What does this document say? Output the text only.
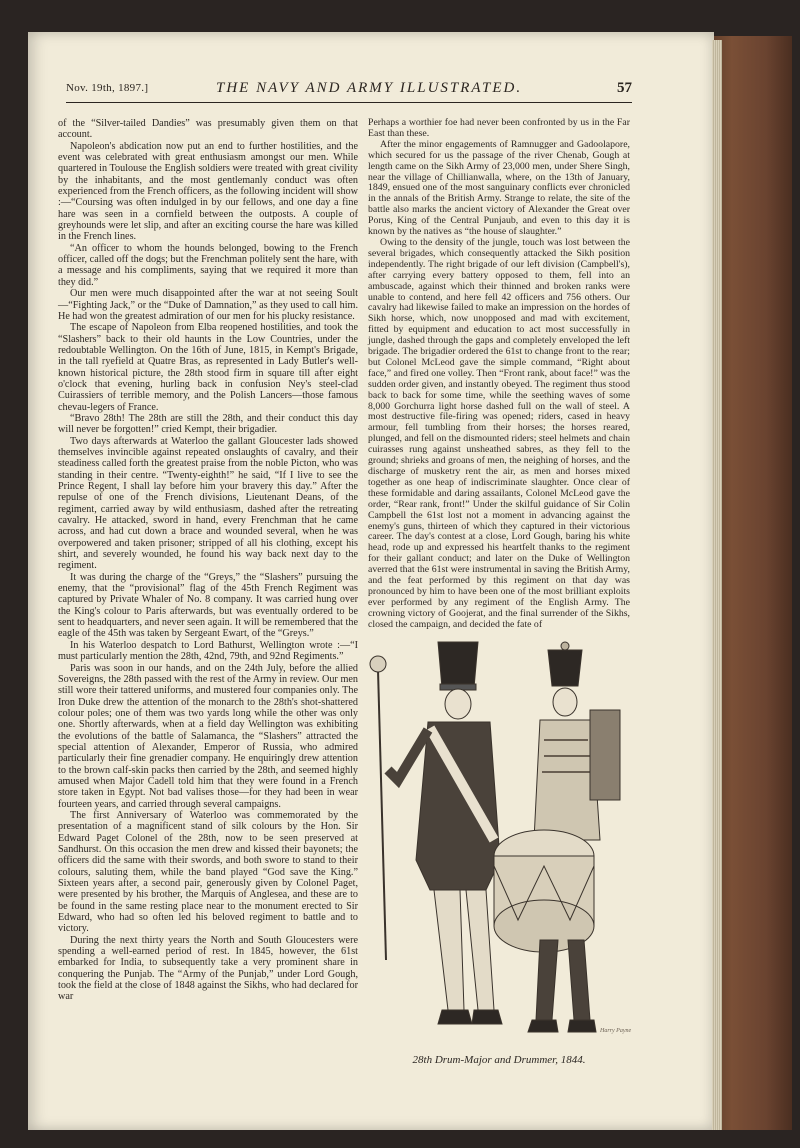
Nov. 19th, 1897.]	THE NAVY AND ARMY ILLUSTRATED.	57

of the “Silver-tailed Dandies” was presumably given them on that account.

Napoleon's abdication now put an end to further hostilities, and the event was celebrated with great enthusiasm amongst our men. While quartered in Toulouse the English soldiers were treated with great civility by the inhabitants, and the most gentlemanly conduct was often experienced from the French officers, as the following incident will show :—“Coursing was often indulged in by our fellows, and one day a fine hare was seen in a cornfield between the outposts. A couple of greyhounds were let slip, and after an exciting course the hare was killed in the French lines.

“An officer to whom the hounds belonged, bowing to the French officer, called off the dogs; but the Frenchman politely sent the hare, with a message and his compliments, saying that we required it more than they did.”

Our men were much disappointed after the war at not seeing Soult—“Fighting Jack,” or the “Duke of Damnation,” as they used to call him. He had won the greatest admiration of our men for his plucky resistance.

The escape of Napoleon from Elba reopened hostilities, and took the “Slashers” back to their old haunts in the Low Countries, under the redoubtable Wellington. On the 16th of June, 1815, in Kempt's Brigade, in the tall ryefield at Quatre Bras, as represented in Lady Butler's well-known historical picture, the 28th stood firm in square till after eight o'clock that evening, hurling back in confusion Ney's steel-clad Cuirassiers of terrible memory, and the Polish Lancers—those famous chevau-legers of France.

“Bravo 28th! The 28th are still the 28th, and their conduct this day will never be forgotten!” cried Kempt, their brigadier.

Two days afterwards at Waterloo the gallant Gloucester lads showed themselves invincible against repeated onslaughts of cavalry, and their steadiness called forth the greatest praise from the noble Picton, who was standing in their centre. “Twenty-eighth!” he said, “If I live to see the Prince Regent, I shall lay before him your bravery this day.” After the repulse of one of the French divisions, Lieutenant Deans, of the regiment, carried away by wild enthusiasm, dashed after the retreating cavalry. He attacked, sword in hand, every Frenchman that he came across, and had cut down a brace and wounded several, when he was overpowered and taken prisoner; stripped of all his clothing, except his shirt, and severely wounded, he found his way back next day to the regiment.

It was during the charge of the “Greys,” the “Slashers” pursuing the enemy, that the “provisional” flag of the 45th French Regiment was captured by Private Whaler of No. 8 company. It was carried hung over the King's colour to Paris afterwards, but was eventually ordered to be sent to headquarters, and never seen again. It will be remembered that the eagle of the 45th was taken by Sergeant Ewart, of the “Greys.”

In his Waterloo despatch to Lord Bathurst, Wellington wrote :—“I must particularly mention the 28th, 42nd, 79th, and 92nd Regiments.”

Paris was soon in our hands, and on the 24th July, before the allied Sovereigns, the 28th passed with the rest of the Army in review. Our men still wore their tattered uniforms, and mustered four companies only. The Iron Duke drew the attention of the monarch to the 28th's shot-shattered colour poles; one of them was two yards long while the other was only one. Shortly afterwards, when at a field day Wellington was exhibiting the evolutions of the battle of Salamanca, the “Slashers” attracted the special attention of Alexander, Emperor of Russia, who admired particularly their fine grenadier company. He enquiringly drew attention to the brown calf-skin packs then carried by the 28th, and seemed highly amused when Major Cadell told him that they were found in a French store taken in Egypt. Not bad valises those—for they had been in wear fourteen years, and carried through several campaigns.

The first Anniversary of Waterloo was commemorated by the presentation of a magnificent stand of silk colours by the Hon. Sir Edward Paget Colonel of the 28th, now to be seen preserved at Sandhurst. On this occasion the men drew and kissed their bayonets; the officers did the same with their swords, and both swore to stand to their colours, saluting them, while the band played “God save the King.” Sixteen years after, a second pair, generously given by Colonel Paget, were presented by his brother, the Marquis of Anglesea, and these are to be found in the same resting place near to the monument erected to Sir Edward, who had so often led his beloved regiment to battle and to victory.

During the next thirty years the North and South Gloucesters were spending a well-earned period of rest. In 1845, however, the 61st embarked for India, to subsequently take a very prominent share in conquering the Punjab. The “Army of the Punjab,” under Lord Gough, took the field at the close of 1848 against the Sikhs, who had declared for war

Perhaps a worthier foe had never been confronted by us in the Far East than these.

After the minor engagements of Ramnugger and Gadoolapore, which secured for us the passage of the river Chenab, Gough at length came on the Sikh Army of 23,000 men, under Shere Singh, near the village of Chillianwalla, where, on the 13th of January, 1849, ensued one of the most sanguinary conflicts ever chronicled in the annals of the British Army. Strange to relate, the site of the battle also marks the ancient victory of Alexander the Great over Porus, King of the Central Punjaub, and even to this day it is known by the natives as “the house of slaughter.”

Owing to the density of the jungle, touch was lost between the several brigades, which consequently attacked the Sikh position independently. The right brigade of our left division (Campbell's), after carrying every battery opposed to them, fell into an ambuscade, against which their thinned and broken ranks were unable to contend, and here fell 42 officers and 756 others. Our cavalry had likewise failed to make an impression on the hordes of Sikh horse, which, now unopposed and mad with excitement, fitted by equipment and education to act most successfully in jungle, dashed through the gaps and completely enveloped the left brigade. The brigadier ordered the 61st to change front to the rear; but Colonel McLeod gave the simple command, “Right about face,” and fired one volley. Then “Front rank, about face!” was the sudden order given, and instantly obeyed. The regiment thus stood back to back for some time, while the seething waves of some 8,000 Gorchurra light horse dashed full on the wall of steel. A most destructive file-firing was opened; riders, cased in heavy armour, fell tumbling from their horses; the horses reared, plunged, and fell on the dismounted riders; steel helmets and chain cuirasses rung against unsheathed sabres, as they fell to the ground; shrieks and groans of men, the neighing of horses, and the discharge of musketry rent the air, as men and horses mixed together as one heap of indiscriminate slaughter. Once clear of these formidable and daring assailants, Colonel McLeod gave the order, “Rear rank, front!” Under the skilful guidance of Sir Colin Campbell the 61st lost not a moment in advancing against the enemy's guns, thirteen of which they captured in their victorious career. The day's contest at a close, Lord Gough, baring his white head, rode up and expressed his heartfelt thanks to the regiment for their gallant conduct; and later on the Duke of Wellington averred that the 61st were instrumental in saving the British Army, and the feat performed by this regiment on that day was pronounced by him to have been one of the most brilliant exploits ever performed by any regiment of the English Army. The crowning victory of Goojerat, and the final surrender of the Sikhs, closed the campaign, and decided the fate of

Harry Payne
28th Drum-Major and Drummer, 1844.
